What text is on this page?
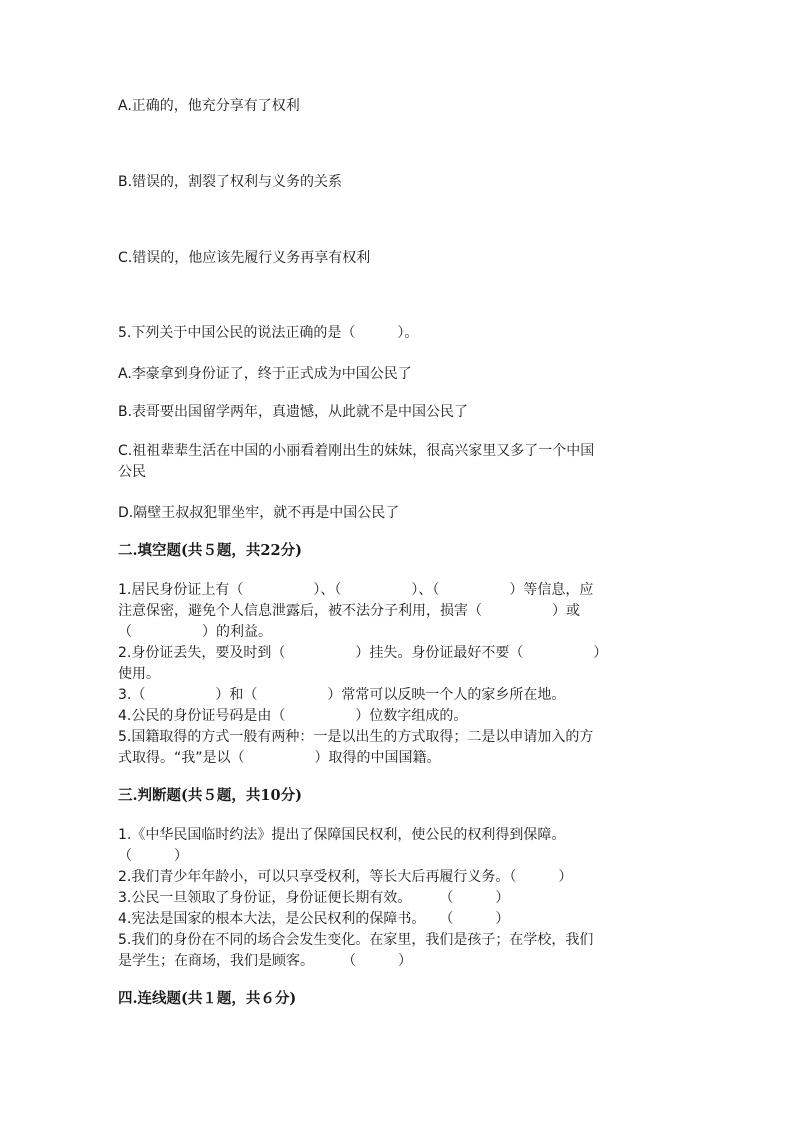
A.正确的，他充分享有了权利
B.错误的，割裂了权利与义务的关系
C.错误的，他应该先履行义务再享有权利
5.下列关于中国公民的说法正确的是（　　　）。
A.李豪拿到身份证了，终于正式成为中国公民了
B.表哥要出国留学两年，真遗憾，从此就不是中国公民了
C.祖祖辈辈生活在中国的小丽看着刚出生的妹妹，很高兴家里又多了一个中国
公民
D.隔壁王叔叔犯罪坐牢，就不再是中国公民了
二.填空题(共５题，共22分)
1.居民身份证上有（　　　　　）、（　　　　　）、（　　　　　）等信息，应
注意保密，避免个人信息泄露后，被不法分子利用，损害（　　　　　）或
（　　　　　）的利益。
2.身份证丢失，要及时到（　　　　　）挂失。身份证最好不要（　　　　　）
使用。
3.（　　　　　）和（　　　　　）常常可以反映一个人的家乡所在地。
4.公民的身份证号码是由（　　　　　）位数字组成的。
5.国籍取得的方式一般有两种：一是以出生的方式取得；二是以申请加入的方
式取得。“我”是以（　　　　　）取得的中国国籍。
三.判断题(共５题，共10分)
1.《中华民国临时约法》提出了保障国民权利，使公民的权利得到保障。
（　　　）
2.我们青少年年龄小，可以只享受权利，等长大后再履行义务。（　　　）
3.公民一旦领取了身份证，身份证便长期有效。　　　（　　　）
4.宪法是国家的根本大法，是公民权利的保障书。　　（　　　）
5.我们的身份在不同的场合会发生变化。在家里，我们是孩子；在学校，我们
是学生；在商场，我们是顾客。　　　（　　　）
四.连线题(共１题，共６分)
